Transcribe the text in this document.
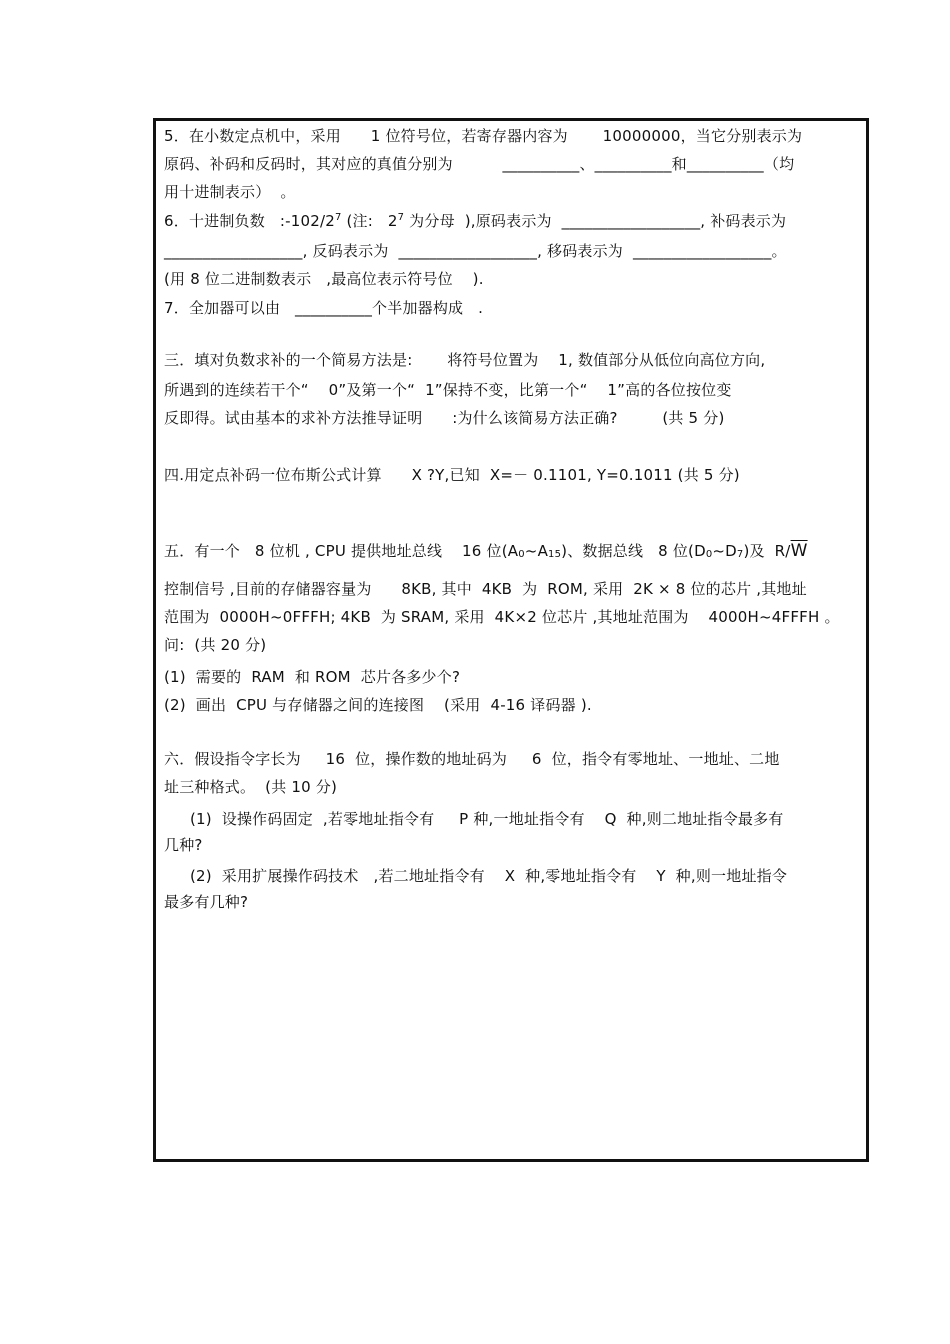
5．在小数定点机中，采用      1 位符号位，若寄存器内容为       10000000，当它分别表示为
原码、补码和反码时，其对应的真值分别为          __________、__________和__________（均
用十进制表示）  。
6．十进制负数   $:-102/2^7$ (注:   $2^7$ 为分母  ),原码表示为  __________________, 补码表示为
__________________, 反码表示为  __________________, 移码表示为  __________________。
(用 8 位二进制数表示   ,最高位表示符号位    ).
7．全加器可以由   __________个半加器构成   .
三．填对负数求补的一个简易方法是:       将符号位置为    1, 数值部分从低位向高位方向,
所遇到的连续若干个“    0”及第一个“  1”保持不变，比第一个“    1”高的各位按位变
反即得。试由基本的求补方法推导证明      :为什么该简易方法正确?         (共 5 分)
四.用定点补码一位布斯公式计算      X ?Y,已知  X=－ 0.1101, Y=0.1011 (共 5 分)
五．有一个   8 位机 , CPU 提供地址总线    16 位(A0~A15)、数据总线   8 位(D0~D7)及  $R/\overline{W}$
控制信号 ,目前的存储器容量为      8KB, 其中  4KB  为  ROM, 采用  2K × 8 位的芯片 ,其地址
范围为  0000H~0FFFH; 4KB  为 SRAM, 采用  4K×2 位芯片 ,其地址范围为    4000H~4FFFH 。
问:  (共 20 分)
(1)  需要的  RAM  和 ROM  芯片各多少个?
(2)  画出  CPU 与存储器之间的连接图    (采用  4-16 译码器 ).
六．假设指令字长为     16  位，操作数的地址码为     6  位，指令有零地址、一地址、二地
址三种格式。  (共 10 分)
(1)  设操作码固定  ,若零地址指令有     P 种,一地址指令有    Q  种,则二地址指令最多有
几种?
(2)  采用扩展操作码技术   ,若二地址指令有    X  种,零地址指令有    Y  种,则一地址指令
最多有几种?
